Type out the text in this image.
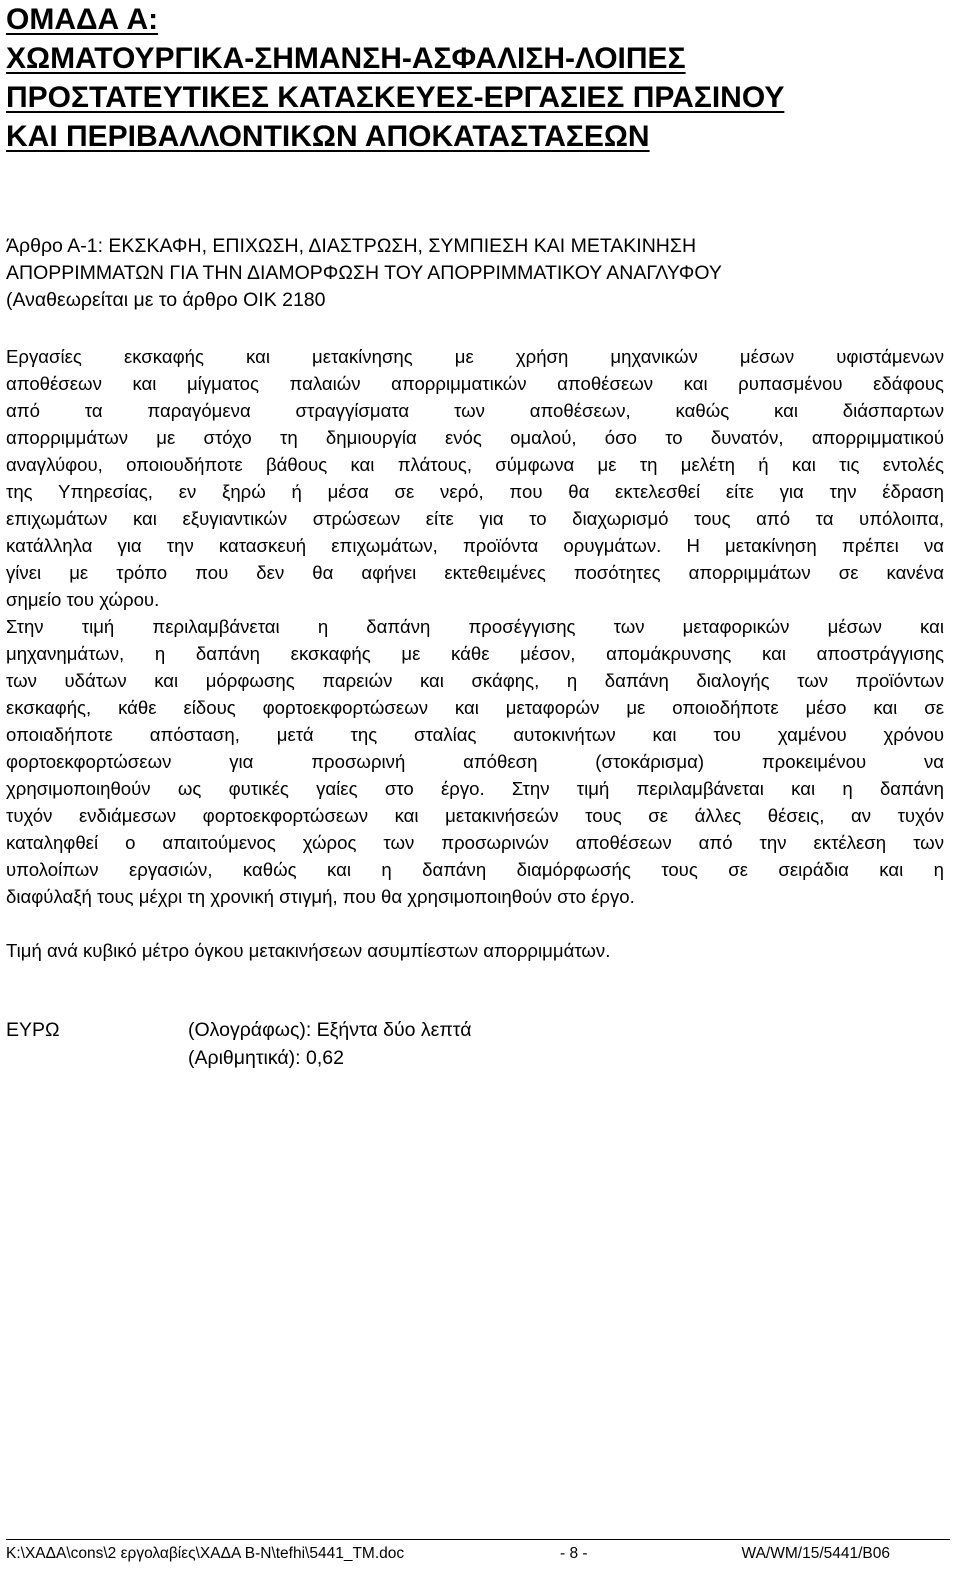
ΟΜΑΔΑ Α:
ΧΩΜΑΤΟΥΡΓΙΚΑ-ΣΗΜΑΝΣΗ-ΑΣΦΑΛΙΣΗ-ΛΟΙΠΕΣ
ΠΡΟΣΤΑΤΕΥΤΙΚΕΣ ΚΑΤΑΣΚΕΥΕΣ-ΕΡΓΑΣΙΕΣ ΠΡΑΣΙΝΟΥ
ΚΑΙ ΠΕΡΙΒΑΛΛΟΝΤΙΚΩΝ ΑΠΟΚΑΤΑΣΤΑΣΕΩΝ
Άρθρο Α-1: ΕΚΣΚΑΦΗ, ΕΠΙΧΩΣΗ, ΔΙΑΣΤΡΩΣΗ, ΣΥΜΠΙΕΣΗ ΚΑΙ ΜΕΤΑΚΙΝΗΣΗ
ΑΠΟΡΡΙΜΜΑΤΩΝ ΓΙΑ ΤΗΝ ΔΙΑΜΟΡΦΩΣΗ ΤΟΥ ΑΠΟΡΡΙΜΜΑΤΙΚΟΥ ΑΝΑΓΛΥΦΟΥ
(Αναθεωρείται με το άρθρο ΟΙΚ 2180
Εργασίες εκσκαφής και μετακίνησης με χρήση μηχανικών μέσων υφιστάμενων
αποθέσεων και μίγματος παλαιών απορριμματικών αποθέσεων και ρυπασμένου εδάφους
από τα παραγόμενα στραγγίσματα των αποθέσεων, καθώς και διάσπαρτων
απορριμμάτων με στόχο τη δημιουργία ενός ομαλού, όσο το δυνατόν, απορριμματικού
αναγλύφου, οποιουδήποτε βάθους και πλάτους, σύμφωνα με τη μελέτη ή και τις εντολές
της Υπηρεσίας, εν ξηρώ ή μέσα σε νερό, που θα εκτελεσθεί είτε για την έδραση
επιχωμάτων και εξυγιαντικών στρώσεων είτε για το διαχωρισμό τους από τα υπόλοιπα,
κατάλληλα για την κατασκευή επιχωμάτων, προϊόντα ορυγμάτων. Η μετακίνηση πρέπει να
γίνει με τρόπο που δεν θα αφήνει εκτεθειμένες ποσότητες απορριμμάτων σε κανένα
σημείο του χώρου.
Στην τιμή περιλαμβάνεται η δαπάνη προσέγγισης των μεταφορικών μέσων και
μηχανημάτων, η δαπάνη εκσκαφής με κάθε μέσον, απομάκρυνσης και αποστράγγισης
των υδάτων και μόρφωσης παρειών και σκάφης, η δαπάνη διαλογής των προϊόντων
εκσκαφής, κάθε είδους φορτοεκφορτώσεων και μεταφορών με οποιοδήποτε μέσο και σε
οποιαδήποτε απόσταση, μετά της σταλίας αυτοκινήτων και του χαμένου χρόνου
φορτοεκφορτώσεων για προσωρινή απόθεση (στοκάρισμα) προκειμένου να
χρησιμοποιηθούν ως φυτικές γαίες στο έργο. Στην τιμή περιλαμβάνεται και η δαπάνη
τυχόν ενδιάμεσων φορτοεκφορτώσεων και μετακινήσεών τους σε άλλες θέσεις, αν τυχόν
καταληφθεί ο απαιτούμενος χώρος των προσωρινών αποθέσεων από την εκτέλεση των
υπολοίπων εργασιών, καθώς και η δαπάνη διαμόρφωσής τους σε σειράδια και η
διαφύλαξή τους μέχρι τη χρονική στιγμή, που θα χρησιμοποιηθούν στο έργο.

Τιμή ανά κυβικό μέτρο όγκου μετακινήσεων ασυμπίεστων απορριμμάτων.

ΕΥΡΩ	(Ολογράφως): Εξήντα δύο λεπτά
(Αριθμητικά): 0,62
K:\ΧΑΔΑ\cons\2 εργολαβίες\ΧΑΔΑ B-N\tefhi\5441_TM.doc	- 8 -	WA/WM/15/5441/B06
